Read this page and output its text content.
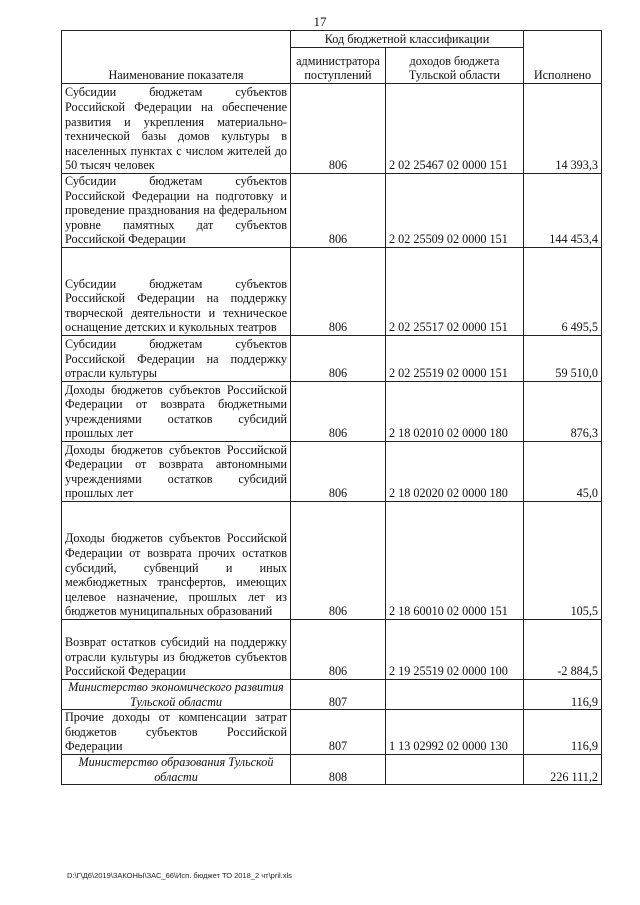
17
Наименование показателя	Код бюджетной классификации		Исполнено
	администратора поступлений	доходов бюджета Тульской области	
Субсидии бюджетам субъектов Российской Федерации на обеспечение развития и укрепления материально-технической базы домов культуры в населенных пунктах с числом жителей до 50 тысяч человек	806	2 02 25467 02 0000 151	14 393,3
Субсидии бюджетам субъектов Российской Федерации на подготовку и проведение празднования на федеральном уровне памятных дат субъектов Российской Федерации	806	2 02 25509 02 0000 151	144 453,4
Субсидии бюджетам субъектов Российской Федерации на поддержку творческой деятельности и техническое оснащение детских и кукольных театров	806	2 02 25517 02 0000 151	6 495,5
Субсидии бюджетам субъектов Российской Федерации на поддержку отрасли культуры	806	2 02 25519 02 0000 151	59 510,0
Доходы бюджетов субъектов Российской Федерации от возврата бюджетными учреждениями остатков субсидий прошлых лет	806	2 18 02010 02 0000 180	876,3
Доходы бюджетов субъектов Российской Федерации от возврата автономными учреждениями остатков субсидий прошлых лет	806	2 18 02020 02 0000 180	45,0
Доходы бюджетов субъектов Российской Федерации от возврата прочих остатков субсидий, субвенций и иных межбюджетных трансфертов, имеющих целевое назначение, прошлых лет из бюджетов муниципальных образований	806	2 18 60010 02 0000 151	105,5
Возврат остатков субсидий на поддержку отрасли культуры из бюджетов субъектов Российской Федерации	806	2 19 25519 02 0000 100	-2 884,5
Министерство экономического развития Тульской области	807		116,9
Прочие доходы от компенсации затрат бюджетов субъектов Российской Федерации	807	1 13 02992 02 0000 130	116,9
Министерство образования Тульской области	808		226 111,2
D:\Г\Д6\2019\ЗАКОНЫ\ЗАС_66\Исп. бюджет ТО 2018_2 чт\pril.xls
